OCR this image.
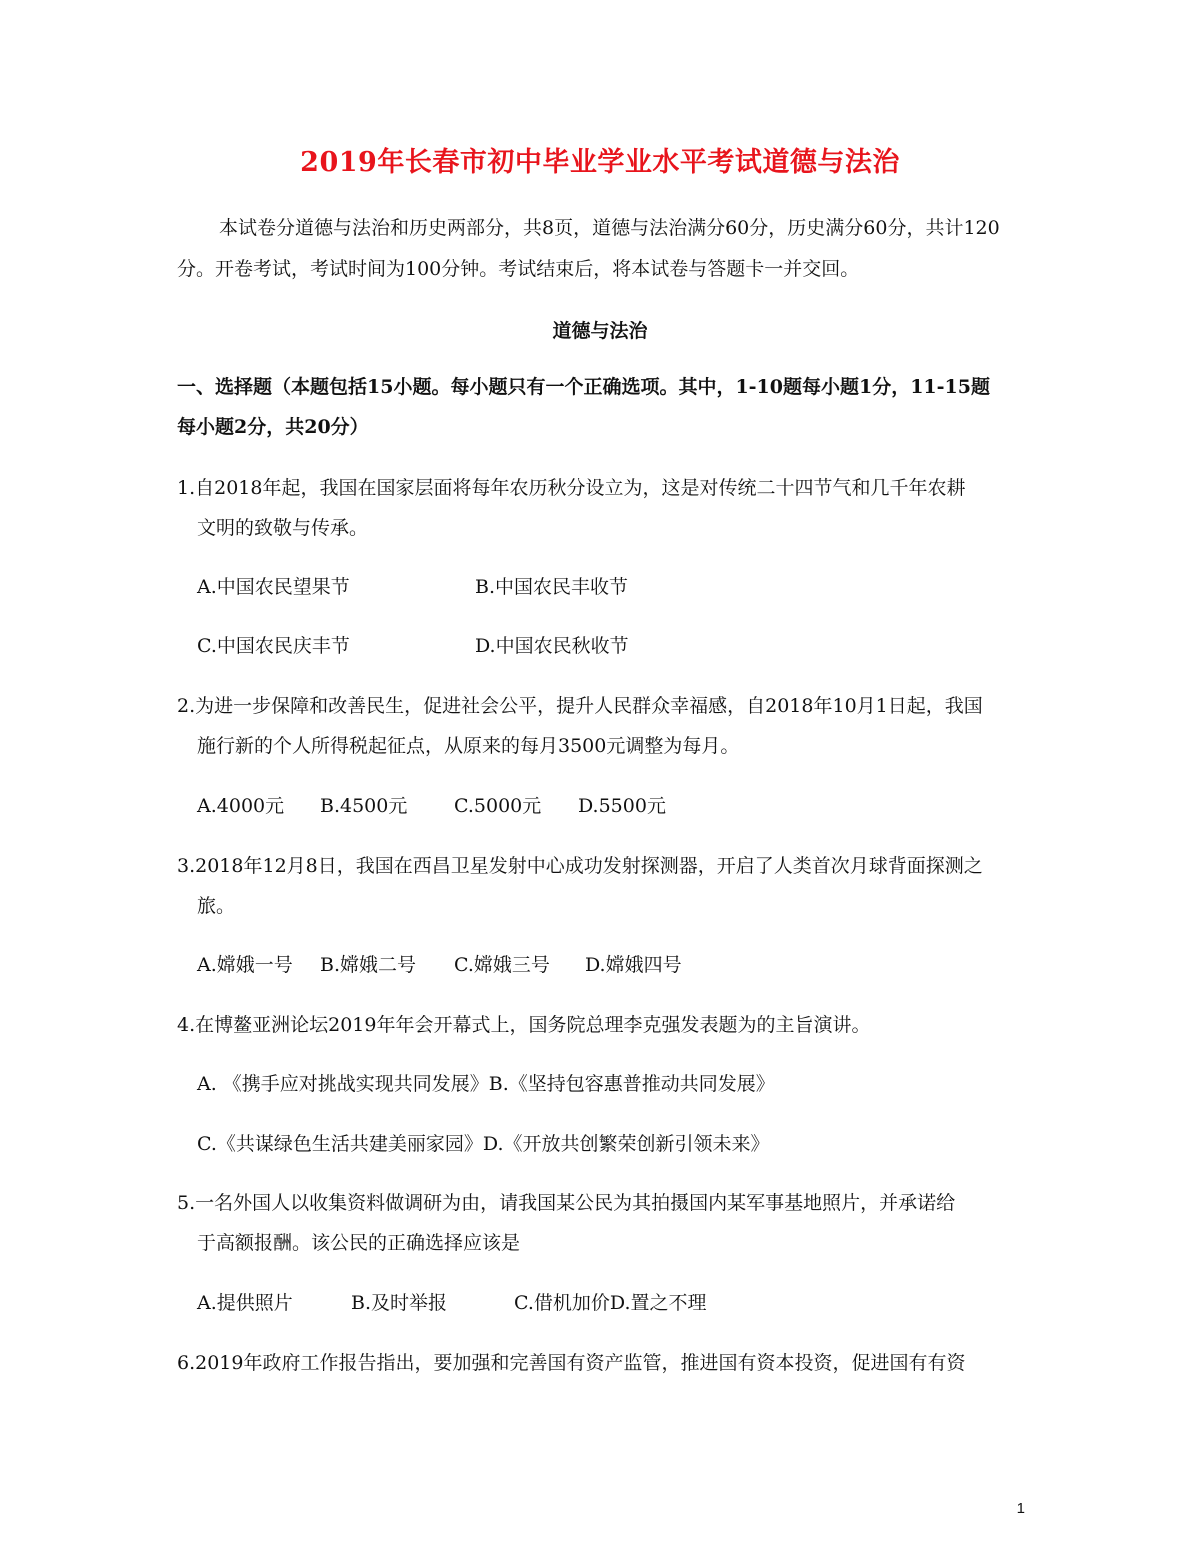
2019年长春市初中毕业学业水平考试道德与法治
本试卷分道德与法治和历史两部分，共8页，道德与法治满分60分，历史满分60分，共计120
分。开卷考试，考试时间为100分钟。考试结束后，将本试卷与答题卡一并交回。
道德与法治
一、选择题（本题包括15小题。每小题只有一个正确选项。其中，1-10题每小题1分，11-15题
每小题2分，共20分）
1.自2018年起，我国在国家层面将每年农历秋分设立为，这是对传统二十四节气和几千年农耕
文明的致敬与传承。
A.中国农民望果节	B.中国农民丰收节
C.中国农民庆丰节	D.中国农民秋收节
2.为进一步保障和改善民生，促进社会公平，提升人民群众幸福感，自2018年10月1日起，我国
施行新的个人所得税起征点，从原来的每月3500元调整为每月。
A.4000元 B.4500元 C.5000元 D.5500元
3.2018年12月8日，我国在西昌卫星发射中心成功发射探测器，开启了人类首次月球背面探测之
旅。
A.嫦娥一号 B.嫦娥二号 C.嫦娥三号 D.嫦娥四号
4.在博鳌亚洲论坛2019年年会开幕式上，国务院总理李克强发表题为的主旨演讲。
A. 《携手应对挑战实现共同发展》B.《坚持包容惠普推动共同发展》
C.《共谋绿色生活共建美丽家园》D.《开放共创繁荣创新引领未来》
5.一名外国人以收集资料做调研为由，请我国某公民为其拍摄国内某军事基地照片，并承诺给
于高额报酬。该公民的正确选择应该是
A.提供照片	B.及时举报	C.借机加价D.置之不理
6.2019年政府工作报告指出，要加强和完善国有资产监管，推进国有资本投资，促进国有有资
1
